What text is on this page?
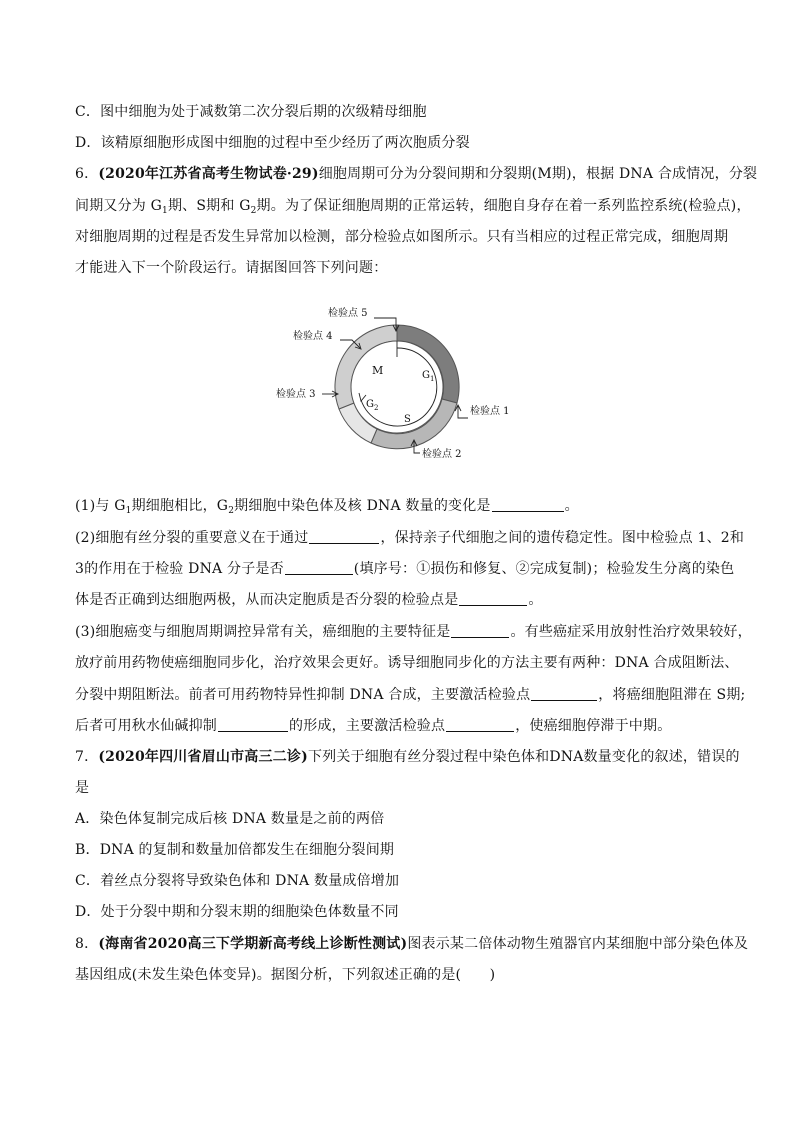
C．图中细胞为处于减数第二次分裂后期的次级精母细胞
D．该精原细胞形成图中细胞的过程中至少经历了两次胞质分裂
6．(2020年江苏省高考生物试卷·29)细胞周期可分为分裂间期和分裂期(M期)，根据 DNA 合成情况，分裂
间期又分为 $G_1$期、S期和 $G_2$期。为了保证细胞周期的正常运转，细胞自身存在着一系列监控系统(检验点)，
对细胞周期的过程是否发生异常加以检测，部分检验点如图所示。只有当相应的过程正常完成，细胞周期
才能进入下一个阶段运行。请据图回答下列问题：
M	$G_1$
$G_2$
S
检验点 5
检验点 4
检验点 3
检验点 1
检验点 2
(1)与 $G_1$期细胞相比，$G_2$期细胞中染色体及核 DNA 数量的变化是	。
(2)细胞有丝分裂的重要意义在于通过	，保持亲子代细胞之间的遗传稳定性。图中检验点 1、2和
3的作用在于检验 DNA 分子是否	(填序号：①损伤和修复、②完成复制)；检验发生分离的染色
体是否正确到达细胞两极，从而决定胞质是否分裂的检验点是	。
(3)细胞癌变与细胞周期调控异常有关，癌细胞的主要特征是	。有些癌症采用放射性治疗效果较好，
放疗前用药物使癌细胞同步化，治疗效果会更好。诱导细胞同步化的方法主要有两种：DNA 合成阻断法、
分裂中期阻断法。前者可用药物特异性抑制 DNA 合成，主要激活检验点	，将癌细胞阻滞在 S期;
后者可用秋水仙碱抑制	的形成，主要激活检验点	，使癌细胞停滞于中期。
7．(2020年四川省眉山市高三二诊)下列关于细胞有丝分裂过程中染色体和DNA数量变化的叙述，错误的
是
A．染色体复制完成后核 DNA 数量是之前的两倍
B．DNA 的复制和数量加倍都发生在细胞分裂间期
C．着丝点分裂将导致染色体和 DNA 数量成倍增加
D．处于分裂中期和分裂末期的细胞染色体数量不同
8．(海南省2020高三下学期新高考线上诊断性测试)图表示某二倍体动物生殖器官内某细胞中部分染色体及
基因组成(未发生染色体变异)。据图分析，下列叙述正确的是(　　)
